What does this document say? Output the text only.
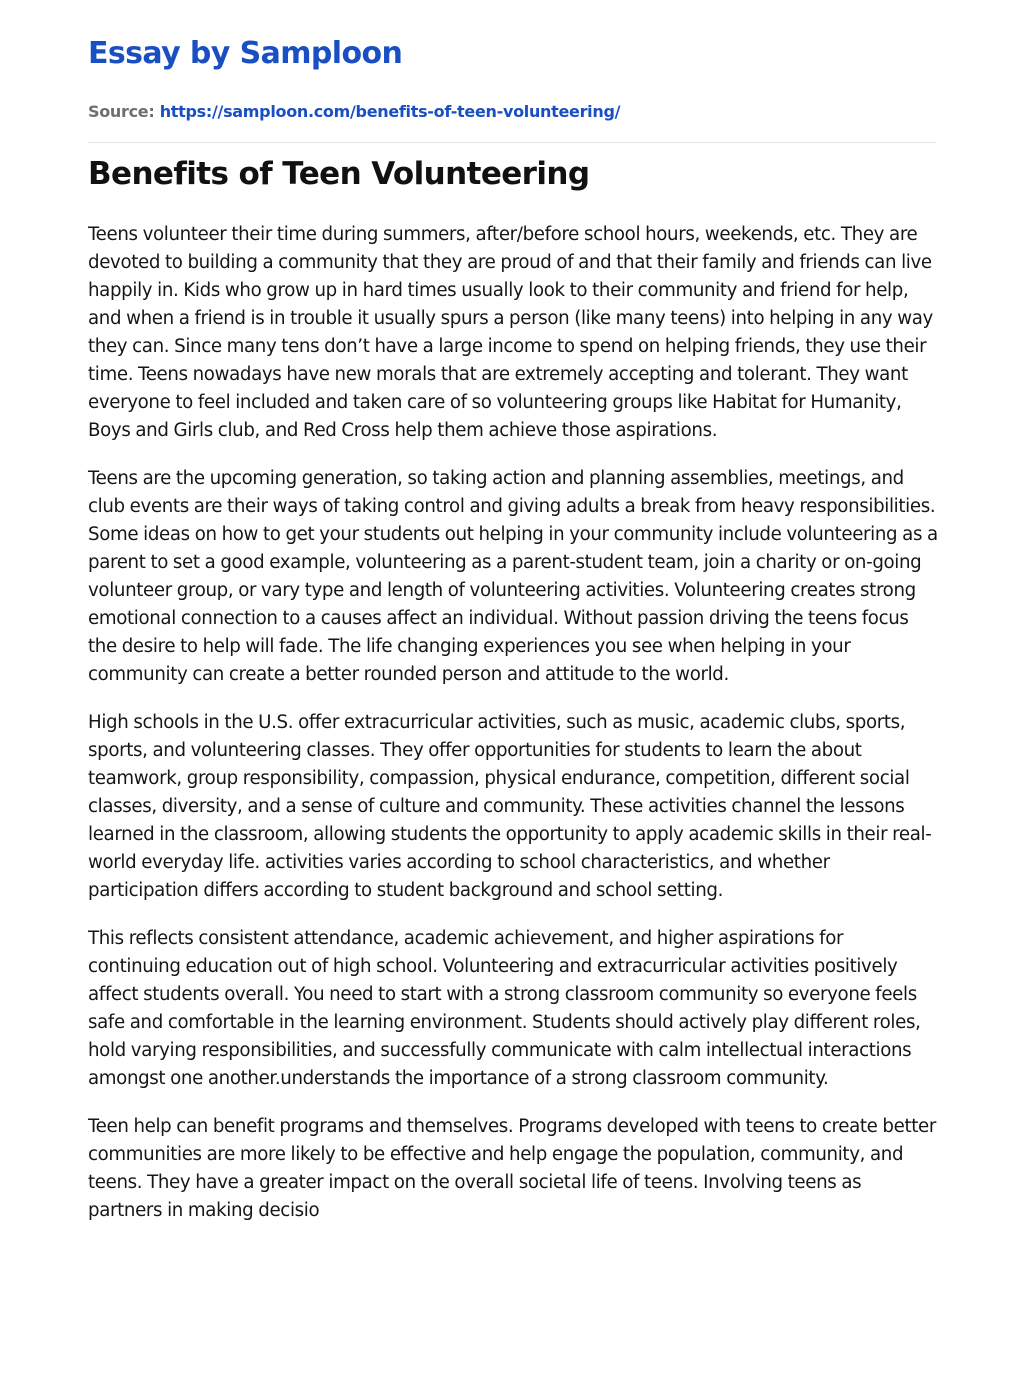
Essay by Samploon
Source: https://samploon.com/benefits-of-teen-volunteering/
Benefits of Teen Volunteering

Teens volunteer their time during summers, after/before school hours, weekends, etc. They are devoted to building a community that they are proud of and that their family and friends can live happily in. Kids who grow up in hard times usually look to their community and friend for help, and when a friend is in trouble it usually spurs a person (like many teens) into helping in any way they can. Since many tens don’t have a large income to spend on helping friends, they use their time. Teens nowadays have new morals that are extremely accepting and tolerant. They want everyone to feel included and taken care of so volunteering groups like Habitat for Humanity, Boys and Girls club, and Red Cross help them achieve those aspirations.

Teens are the upcoming generation, so taking action and planning assemblies, meetings, and club events are their ways of taking control and giving adults a break from heavy responsibilities. Some ideas on how to get your students out helping in your community include volunteering as a parent to set a good example, volunteering as a parent-student team, join a charity or on-going volunteer group, or vary type and length of volunteering activities. Volunteering creates strong emotional connection to a causes affect an individual. Without passion driving the teens focus the desire to help will fade. The life changing experiences you see when helping in your community can create a better rounded person and attitude to the world.

High schools in the U.S. offer extracurricular activities, such as music, academic clubs, sports, sports, and volunteering classes. They offer opportunities for students to learn the about teamwork, group responsibility, compassion, physical endurance, competition, different social classes, diversity, and a sense of culture and community. These activities channel the lessons learned in the classroom, allowing students the opportunity to apply academic skills in their real-world everyday life. activities varies according to school characteristics, and whether participation differs according to student background and school setting.

This reflects consistent attendance, academic achievement, and higher aspirations for continuing education out of high school. Volunteering and extracurricular activities positively affect students overall. You need to start with a strong classroom community so everyone feels safe and comfortable in the learning environment. Students should actively play different roles, hold varying responsibilities, and successfully communicate with calm intellectual interactions amongst one another.understands the importance of a strong classroom community.

Teen help can benefit programs and themselves. Programs developed with teens to create better communities are more likely to be effective and help engage the population, community, and teens. They have a greater impact on the overall societal life of teens. Involving teens as partners in making decisio
